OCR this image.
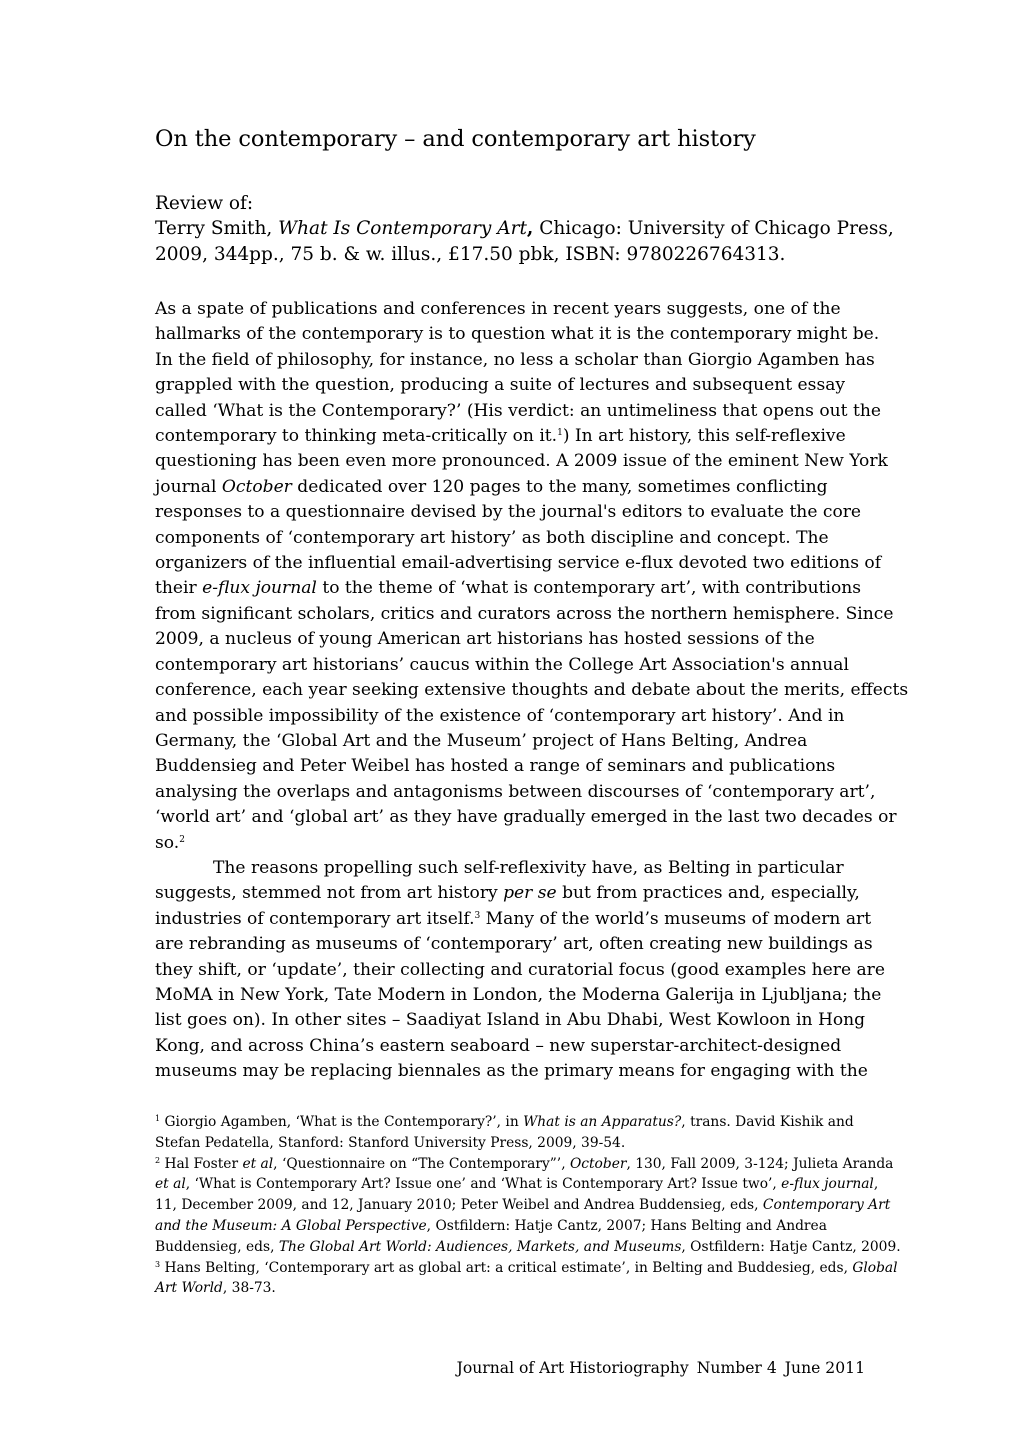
On the contemporary – and contemporary art history
Review of:
Terry Smith, What Is Contemporary Art, Chicago: University of Chicago Press,
2009, 344pp., 75 b. & w. illus., £17.50 pbk, ISBN: 9780226764313.
As a spate of publications and conferences in recent years suggests, one of the
hallmarks of the contemporary is to question what it is the contemporary might be.
In the field of philosophy, for instance, no less a scholar than Giorgio Agamben has
grappled with the question, producing a suite of lectures and subsequent essay
called ‘What is the Contemporary?’ (His verdict: an untimeliness that opens out the
contemporary to thinking meta-critically on it.$^1$) In art history, this self-reflexive
questioning has been even more pronounced. A 2009 issue of the eminent New York
journal October dedicated over 120 pages to the many, sometimes conflicting
responses to a questionnaire devised by the journal's editors to evaluate the core
components of ‘contemporary art history’ as both discipline and concept. The
organizers of the influential email-advertising service e-flux devoted two editions of
their e-flux journal to the theme of ‘what is contemporary art’, with contributions
from significant scholars, critics and curators across the northern hemisphere. Since
2009, a nucleus of young American art historians has hosted sessions of the
contemporary art historians’ caucus within the College Art Association's annual
conference, each year seeking extensive thoughts and debate about the merits, effects
and possible impossibility of the existence of ‘contemporary art history’. And in
Germany, the ‘Global Art and the Museum’ project of Hans Belting, Andrea
Buddensieg and Peter Weibel has hosted a range of seminars and publications
analysing the overlaps and antagonisms between discourses of ‘contemporary art’,
‘world art’ and ‘global art’ as they have gradually emerged in the last two decades or
so.$^2$
The reasons propelling such self-reflexivity have, as Belting in particular
suggests, stemmed not from art history per se but from practices and, especially,
industries of contemporary art itself.$^3$ Many of the world’s museums of modern art
are rebranding as museums of ‘contemporary’ art, often creating new buildings as
they shift, or ‘update’, their collecting and curatorial focus (good examples here are
MoMA in New York, Tate Modern in London, the Moderna Galerija in Ljubljana; the
list goes on). In other sites – Saadiyat Island in Abu Dhabi, West Kowloon in Hong
Kong, and across China’s eastern seaboard – new superstar-architect-designed
museums may be replacing biennales as the primary means for engaging with the
$^1$ Giorgio Agamben, ‘What is the Contemporary?’, in What is an Apparatus?, trans. David Kishik and
Stefan Pedatella, Stanford: Stanford University Press, 2009, 39-54.
$^2$ Hal Foster et al, ‘Questionnaire on “The Contemporary”’, October, 130, Fall 2009, 3-124; Julieta Aranda
et al, ‘What is Contemporary Art? Issue one’ and ‘What is Contemporary Art? Issue two’, e-flux journal,
11, December 2009, and 12, January 2010; Peter Weibel and Andrea Buddensieg, eds, Contemporary Art
and the Museum: A Global Perspective, Ostfildern: Hatje Cantz, 2007; Hans Belting and Andrea
Buddensieg, eds, The Global Art World: Audiences, Markets, and Museums, Ostfildern: Hatje Cantz, 2009.
$^3$ Hans Belting, ‘Contemporary art as global art: a critical estimate’, in Belting and Buddesieg, eds, Global
Art World, 38-73.
Journal of Art Historiography Number 4 June 2011
